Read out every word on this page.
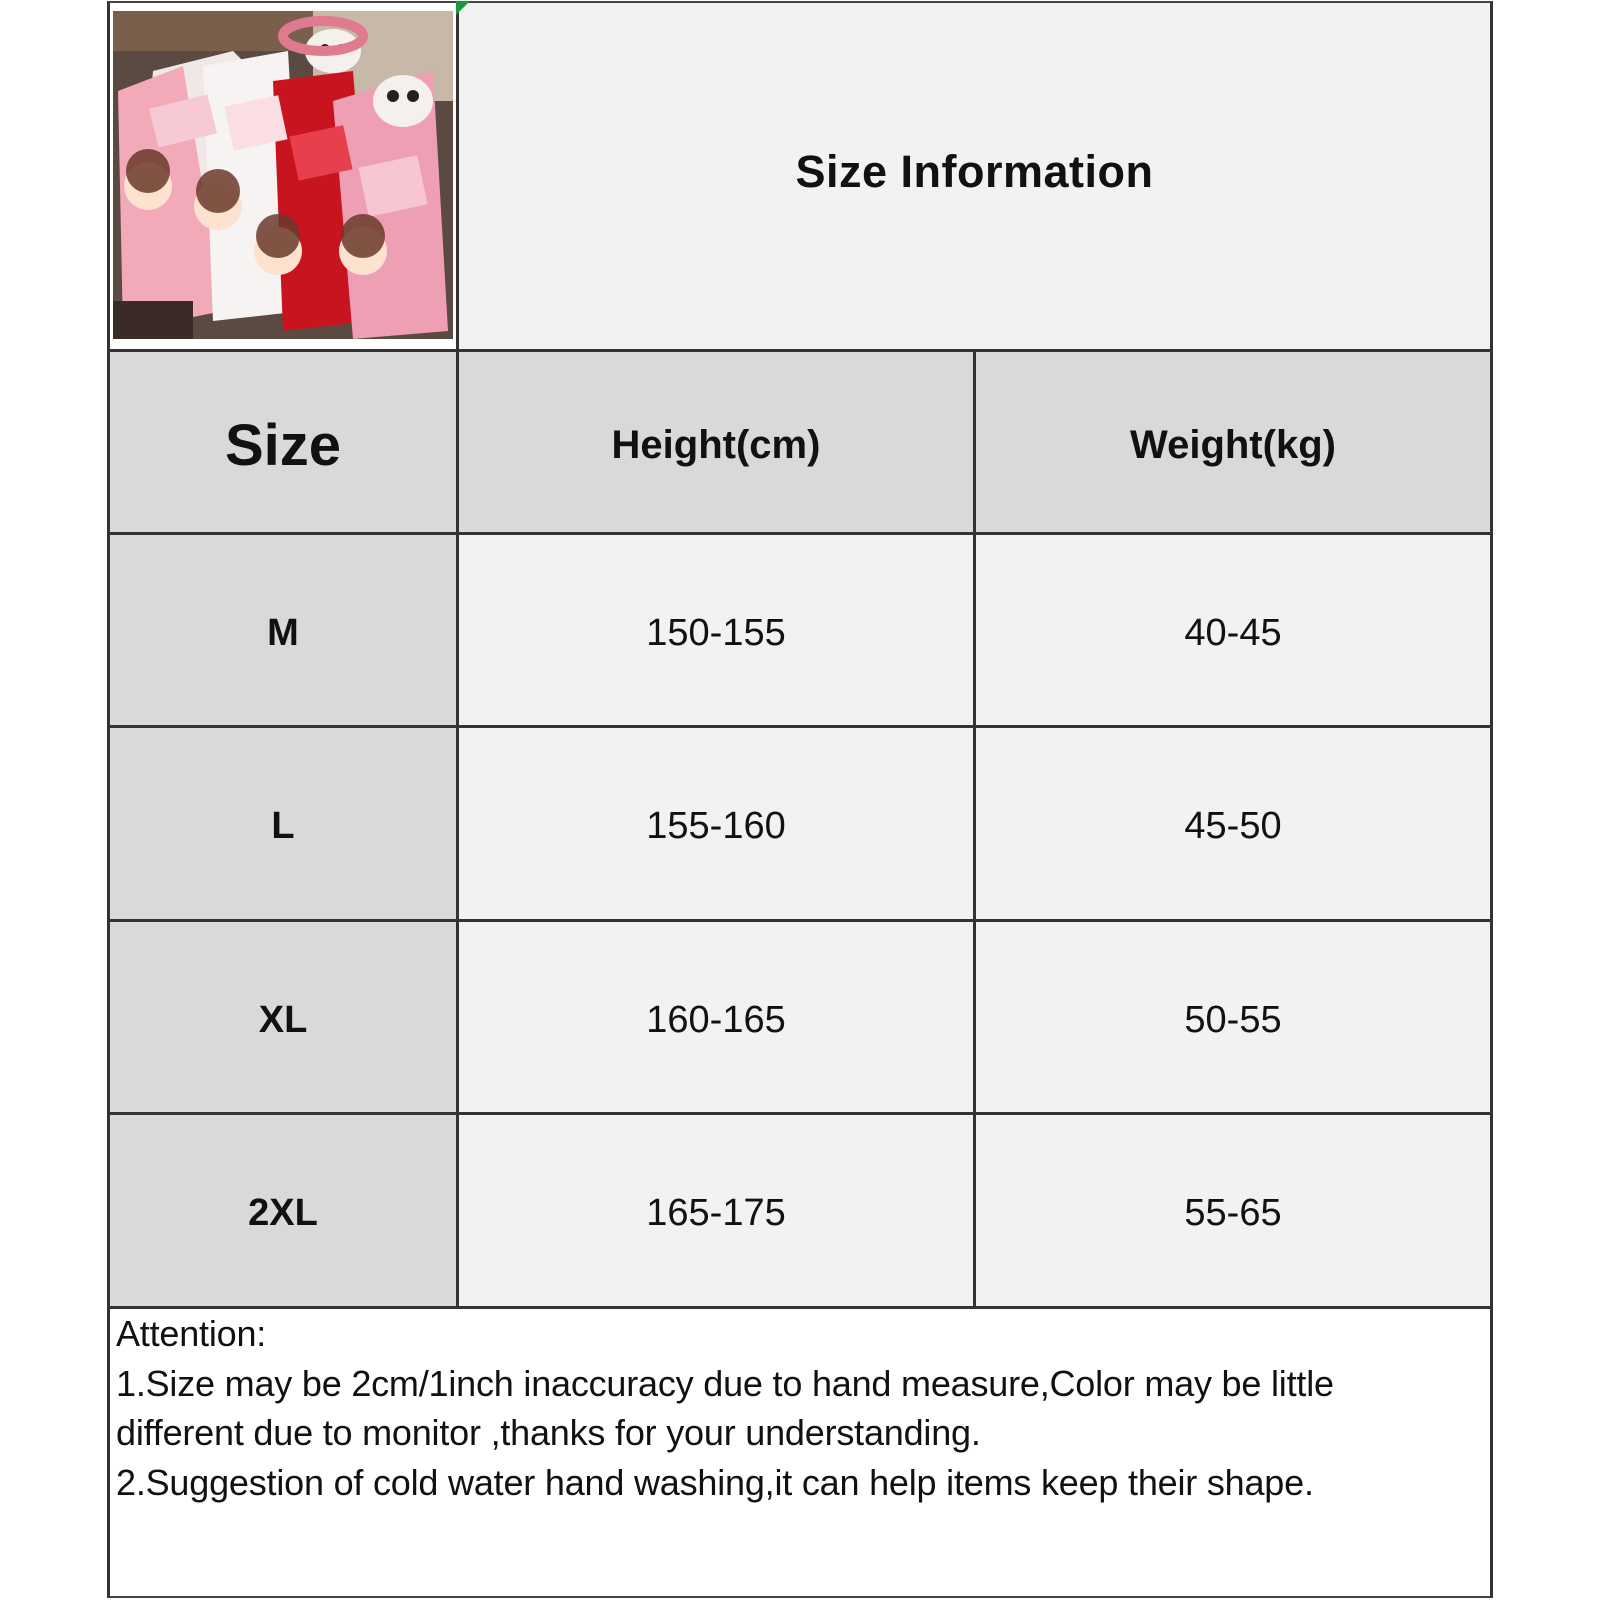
Size Information
Size	Height(cm)	Weight(kg)
M	150-155	40-45
L	155-160	45-50
XL	160-165	50-55
2XL	165-175	55-65
Attention:
1.Size may be 2cm/1inch inaccuracy due to hand measure,Color may be little
different due to monitor ,thanks for your understanding.
2.Suggestion of cold water hand washing,it can help items keep their shape.
